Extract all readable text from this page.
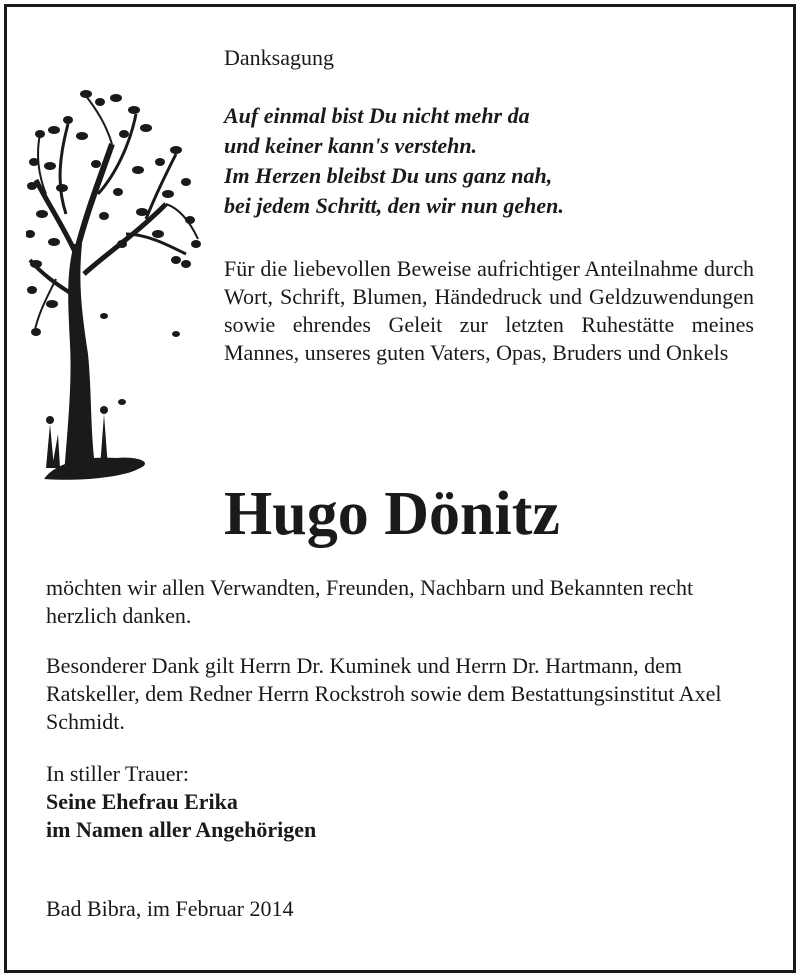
Danksagung
Auf einmal bist Du nicht mehr da
und keiner kann's verstehn.
Im Herzen bleibst Du uns ganz nah,
bei jedem Schritt, den wir nun gehen.

Für die liebevollen Beweise aufrichtiger Anteilnahme durch Wort, Schrift, Blumen, Händedruck und Geldzuwendungen sowie ehrendes Geleit zur letzten Ruhestätte meines Mannes, unseres guten Vaters, Opas, Bruders und Onkels

Hugo Dönitz

möchten wir allen Verwandten, Freunden, Nachbarn und Bekannten recht herzlich danken.

Besonderer Dank gilt Herrn Dr. Kuminek und Herrn Dr. Hartmann, dem Ratskeller, dem Redner Herrn Rockstroh sowie dem Bestattungsinstitut Axel Schmidt.

In stiller Trauer:
Seine Ehefrau Erika
im Namen aller Angehörigen

Bad Bibra, im Februar 2014
